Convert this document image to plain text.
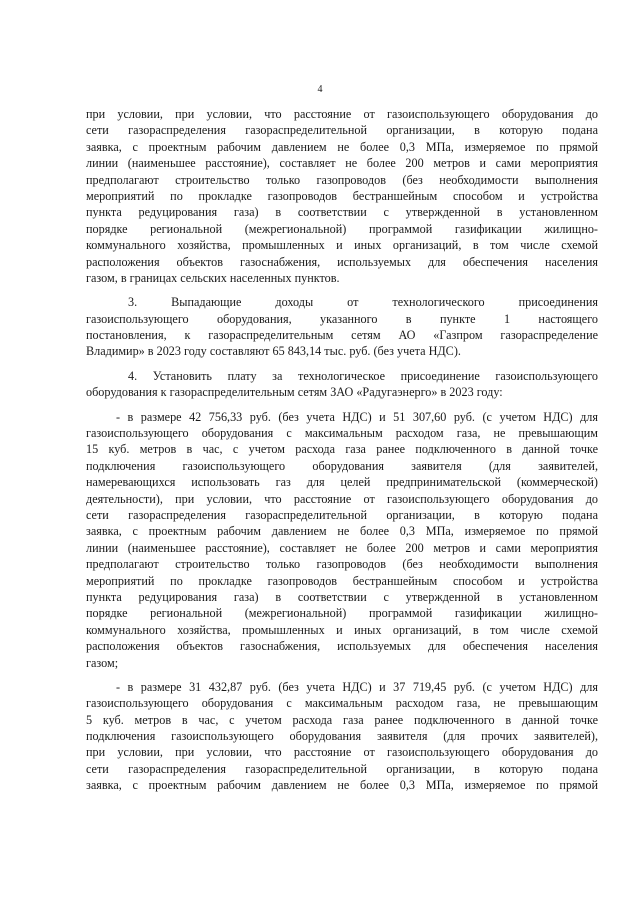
4
при условии, при условии, что расстояние от газоиспользующего оборудования до
сети газораспределения газораспределительной организации, в которую подана
заявка, с проектным рабочим давлением не более 0,3 МПа, измеряемое по прямой
линии (наименьшее расстояние), составляет не более 200 метров и сами мероприятия
предполагают строительство только газопроводов (без необходимости выполнения
мероприятий по прокладке газопроводов бестраншейным способом и устройства
пункта редуцирования газа) в соответствии с утвержденной в установленном
порядке региональной (межрегиональной) программой газификации жилищно-
коммунального хозяйства, промышленных и иных организаций, в том числе схемой
расположения объектов газоснабжения, используемых для обеспечения населения
газом, в границах сельских населенных пунктов.
3. Выпадающие доходы от технологического присоединения
газоиспользующего оборудования, указанного в пункте 1 настоящего
постановления, к газораспределительным сетям АО «Газпром газораспределение
Владимир» в 2023 году составляют 65 843,14 тыс. руб. (без учета НДС).
4. Установить плату за технологическое присоединение газоиспользующего
оборудования к газораспределительным сетям ЗАО «Радугаэнерго» в 2023 году:
- в размере 42 756,33 руб. (без учета НДС) и 51 307,60 руб. (с учетом НДС) для
газоиспользующего оборудования с максимальным расходом газа, не превышающим
15 куб. метров в час, с учетом расхода газа ранее подключенного в данной точке
подключения газоиспользующего оборудования заявителя (для заявителей,
намеревающихся использовать газ для целей предпринимательской (коммерческой)
деятельности), при условии, что расстояние от газоиспользующего оборудования до
сети газораспределения газораспределительной организации, в которую подана
заявка, с проектным рабочим давлением не более 0,3 МПа, измеряемое по прямой
линии (наименьшее расстояние), составляет не более 200 метров и сами мероприятия
предполагают строительство только газопроводов (без необходимости выполнения
мероприятий по прокладке газопроводов бестраншейным способом и устройства
пункта редуцирования газа) в соответствии с утвержденной в установленном
порядке региональной (межрегиональной) программой газификации жилищно-
коммунального хозяйства, промышленных и иных организаций, в том числе схемой
расположения объектов газоснабжения, используемых для обеспечения населения
газом;
- в размере 31 432,87 руб. (без учета НДС) и 37 719,45 руб. (с учетом НДС) для
газоиспользующего оборудования с максимальным расходом газа, не превышающим
5 куб. метров в час, с учетом расхода газа ранее подключенного в данной точке
подключения газоиспользующего оборудования заявителя (для прочих заявителей),
при условии, при условии, что расстояние от газоиспользующего оборудования до
сети газораспределения газораспределительной организации, в которую подана
заявка, с проектным рабочим давлением не более 0,3 МПа, измеряемое по прямой
